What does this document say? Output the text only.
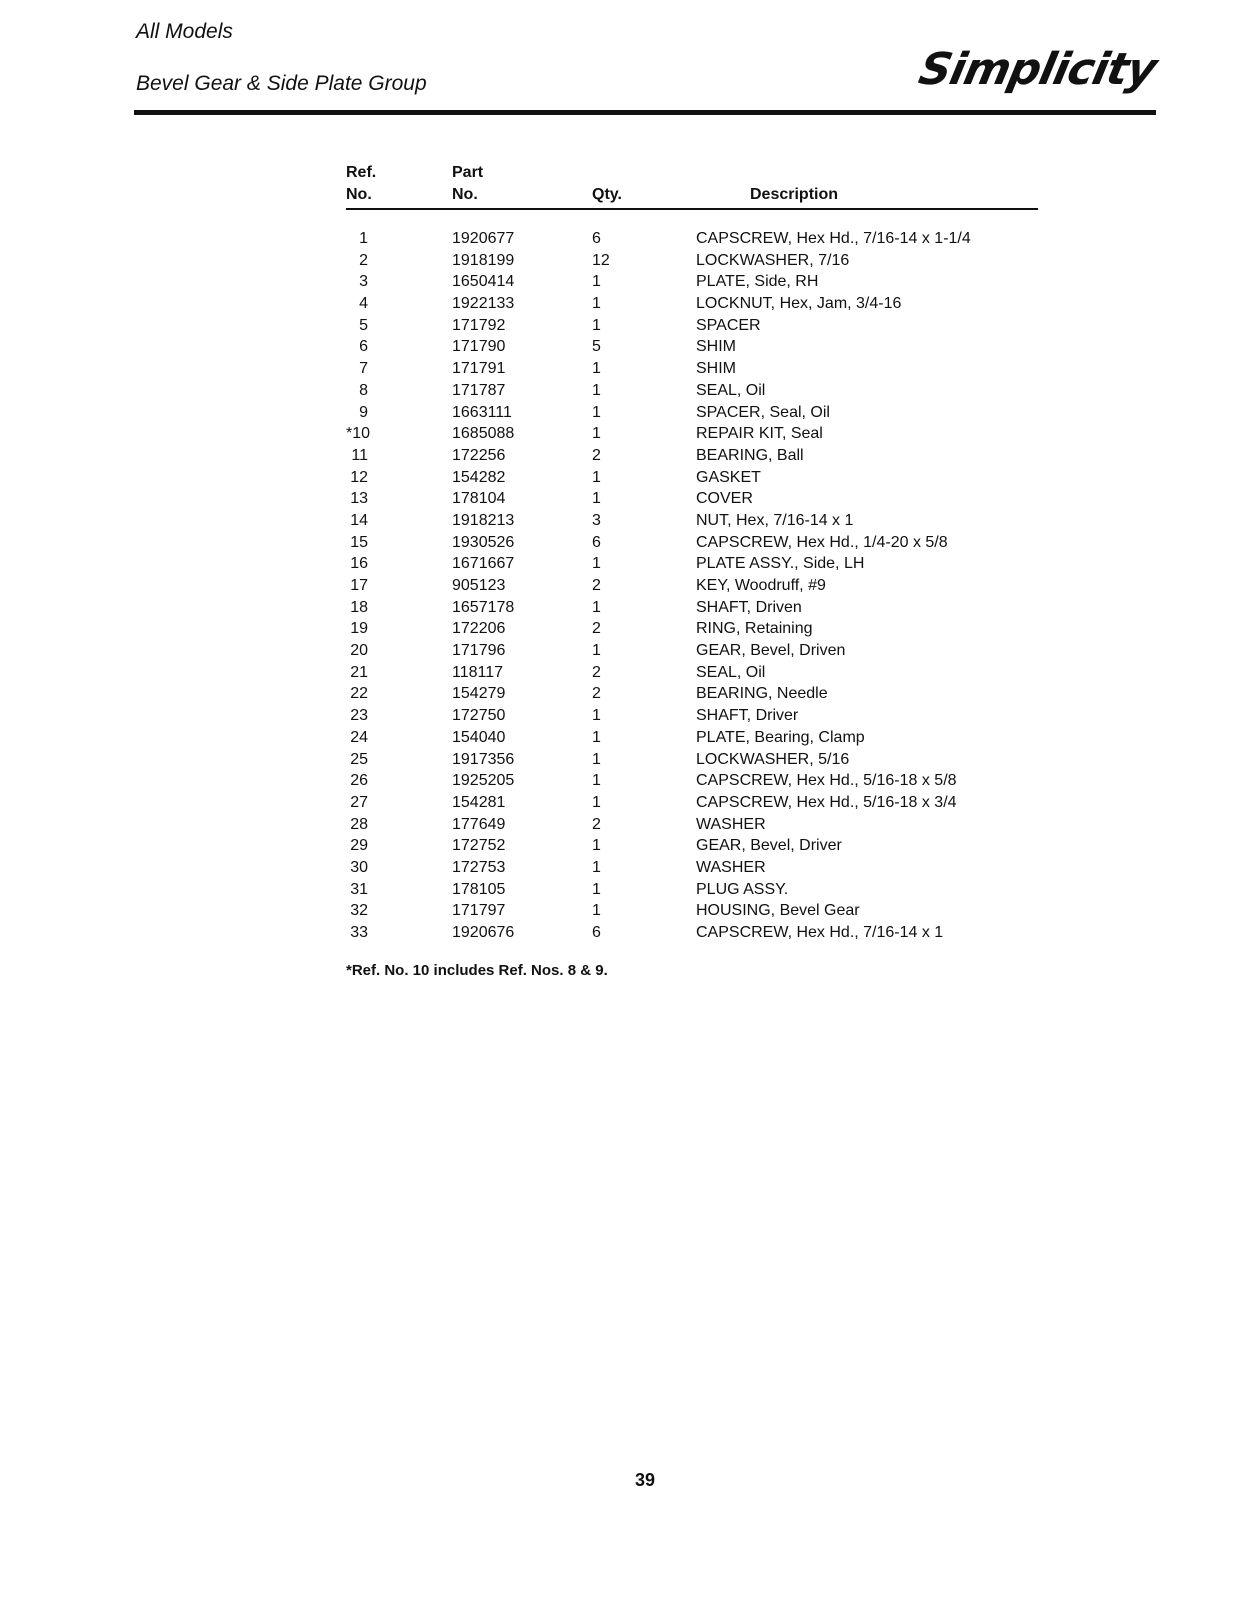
All Models
Bevel Gear & Side Plate Group	Simplicity
Ref.
No.
Part
No.	Qty.	Description
1	1920677	6	CAPSCREW, Hex Hd., 7/16-14 x 1-1/4
2	1918199	12	LOCKWASHER, 7/16
3	1650414	1	PLATE, Side, RH
4	1922133	1	LOCKNUT, Hex, Jam, 3/4-16
5	171792	1	SPACER
6	171790	5	SHIM
7	171791	1	SHIM
8	171787	1	SEAL, Oil
9	1663111	1	SPACER, Seal, Oil
*10	1685088	1	REPAIR KIT, Seal
11	172256	2	BEARING, Ball
12	154282	1	GASKET
13	178104	1	COVER
14	1918213	3	NUT, Hex, 7/16-14 x 1
15	1930526	6	CAPSCREW, Hex Hd., 1/4-20 x 5/8
16	1671667	1	PLATE ASSY., Side, LH
17	905123	2	KEY, Woodruff, #9
18	1657178	1	SHAFT, Driven
19	172206	2	RING, Retaining
20	171796	1	GEAR, Bevel, Driven
21	118117	2	SEAL, Oil
22	154279	2	BEARING, Needle
23	172750	1	SHAFT, Driver
24	154040	1	PLATE, Bearing, Clamp
25	1917356	1	LOCKWASHER, 5/16
26	1925205	1	CAPSCREW, Hex Hd., 5/16-18 x 5/8
27	154281	1	CAPSCREW, Hex Hd., 5/16-18 x 3/4
28	177649	2	WASHER
29	172752	1	GEAR, Bevel, Driver
30	172753	1	WASHER
31	178105	1	PLUG ASSY.
32	171797	1	HOUSING, Bevel Gear
33	1920676	6	CAPSCREW, Hex Hd., 7/16-14 x 1
*Ref. No. 10 includes Ref. Nos. 8 & 9.
39
